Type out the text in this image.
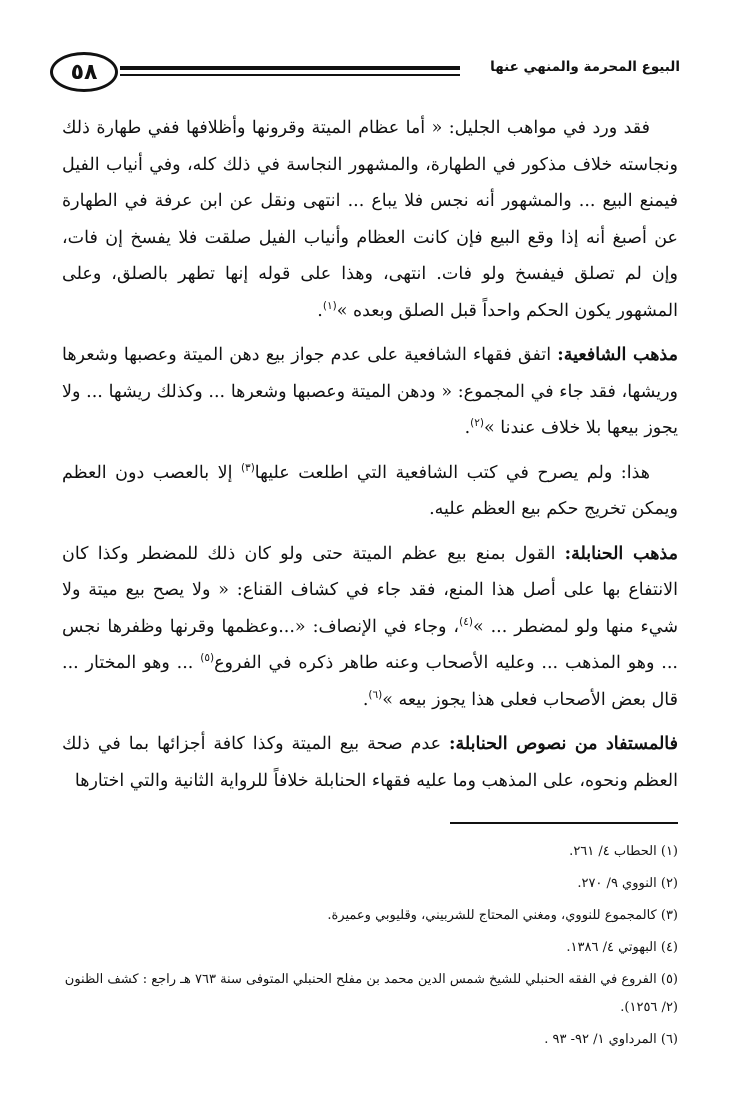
٥٨	البيوع المحرمة والمنهي عنها

فقد ورد في مواهب الجليل: « أما عظام الميتة وقرونها وأظلافها ففي طهارة ذلك ونجاسته خلاف مذكور في الطهارة، والمشهور النجاسة في ذلك كله، وفي أنياب الفيل فيمنع البيع ... والمشهور أنه نجس فلا يباع ... انتهى ونقل عن ابن عرفة في الطهارة عن أصبغ أنه إذا وقع البيع فإن كانت العظام وأنياب الفيل صلقت فلا يفسخ إن فات، وإن لم تصلق فيفسخ ولو فات. انتهى، وهذا على قوله إنها تطهر بالصلق، وعلى المشهور يكون الحكم واحداً قبل الصلق وبعده »$^{(١)}$.

مذهب الشافعية: اتفق فقهاء الشافعية على عدم جواز بيع دهن الميتة وعصبها وشعرها وريشها، فقد جاء في المجموع: « ودهن الميتة وعصبها وشعرها ... وكذلك ريشها ... ولا يجوز بيعها بلا خلاف عندنا »$^{(٢)}$.

هذا: ولم يصرح في كتب الشافعية التي اطلعت عليها$^{(٣)}$ إلا بالعصب دون العظم ويمكن تخريج حكم بيع العظم عليه.

مذهب الحنابلة: القول بمنع بيع عظم الميتة حتى ولو كان ذلك للمضطر وكذا كان الانتفاع بها على أصل هذا المنع، فقد جاء في كشاف القناع: « ولا يصح بيع ميتة ولا شيء منها ولو لمضطر ... »$^{(٤)}$، وجاء في الإنصاف: «...وعظمها وقرنها وظفرها نجس ... وهو المذهب ... وعليه الأصحاب وعنه طاهر ذكره في الفروع$^{(٥)}$ ... وهو المختار ... قال بعض الأصحاب فعلى هذا يجوز بيعه »$^{(٦)}$.

فالمستفاد من نصوص الحنابلة: عدم صحة بيع الميتة وكذا كافة أجزائها بما في ذلك العظم ونحوه، على المذهب وما عليه فقهاء الحنابلة خلافاً للرواية الثانية والتي اختارها

(١) الحطاب ٤/ ٢٦١.
(٢) النووي ٩/ ٢٧٠.
(٣) كالمجموع للنووي، ومغني المحتاج للشربيني، وقليوبي وعميرة.
(٤) البهوتي ٤/ ١٣٨٦.
(٥) الفروع في الفقه الحنبلي للشيخ شمس الدين محمد بن مفلح الحنبلي المتوفى سنة ٧٦٣ هـ راجع : كشف الظنون (٢/ ١٢٥٦).
(٦) المرداوي ١/ ٩٢- ٩٣ .
